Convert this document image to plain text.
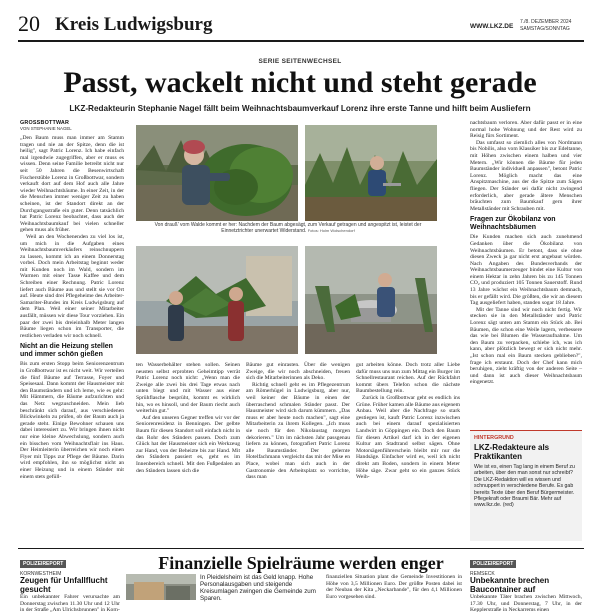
20 Kreis Ludwigsburg	WWW.LKZ.DE
7./8. DEZEMBER 2024
SAMSTAG/SONNTAG
SERIE SEITENWECHSEL
Passt, wackelt nicht und steht gerade
LKZ-Redakteurin Stephanie Nagel fällt beim Weihnachtsbaumverkauf Lorenz ihre erste Tanne und hilft beim Ausliefern
GROSSBOTTWAR
VON STEPHANIE NAGEL

„Den Baum muss man immer am Stamm tragen und nie an der Spitze, denn die ist heilig", sagt Patric Lorenz. Ich habe einfach mal irgendwie zugegriffen, aber er muss es wissen. Denn seine Familie betreibt nicht nur seit 50 Jahren die Besenwirtschaft Fischerstüble Lorenz in Großbottwar, sondern verkauft dort auf dem Hof auch alle Jahre wieder Weihnachtsbäume. In einer Zeit, in der die Menschen immer weniger Zeit zu haben scheinen, ist der Standort direkt an der Durchgangsstraße ein guter. Denn tatsächlich hat Patric Lorenz beobachtet, dass auch der Weihnachtsbaumkauf bei vielen schneller gehen muss als früher.

Weil an den Wochenenden zu viel los ist, um mich in die Aufgaben eines Weihnachtsbaumverkäufers reinschnuppern zu lassen, kommt ich an einem Donnerstag vorbei. Doch mein Arbeitstag beginnt weder mit Kunden noch im Wald, sondern im Warmen mit einer Tasse Kaffee und dem Schreiben einer Rechnung. Patric Lorenz liefert auch Bäume aus und stellt sie vor Ort auf. Heute sind drei Pflegeheime des Arbeiter-Samariter-Bundes im Kreis Ludwigsburg auf dem Plan. Weil einer seiner Mitarbeiter ausfällt, müssen wir diese Tour vorziehen. Ein paar der zwei bis dreieinhalb Meter langen Bäume liegen schon im Transporter, die restlichen verladen wir noch schnell.

Nicht an die Heizung stellen und immer schön gießen

Bis zum ersten Stopp beim Seniorenzentrum in Großbottwar ist es nicht weit. Wir verteilen die fünf Bäume auf Terrasse, Foyer und Speisesaal. Dann kommt der Hausmeister mit den Baumständern und ich lerne, wie es geht: Mit Hämmern, die Bäume aufzurichten und das Netz wegzuschneiden. Mein lieb beschränkt sich darauf, aus verschiedenen Blickwinkeln zu prüfen, ob der Baum auch ja gerade steht. Einige Bewohner schauen uns dabei interessiert zu. Wir bringen ihnen nicht nur eine kleine Abwechslung, sondern auch ein bisschen vom Weihnachtsflair ins Haus. Der Heimleiterin überreichen wir noch einen Flyer mit Tipps zur Pflege der Bäume. Darin wird empfohlen, ihn so möglichst nicht an einer Heizung und in einem Ständer mit einem stets gefüll-

Von drauß' vom Walde kommt er her: Nachdem der Baum abgesägt, zum Verkauf getragen und angespitzt ist, leistet der Einnetztrichter unerwartet Widerstand. Fotos: Holm Wolschendorf

ten Wasserbehälter stehen sollen. Seinen neusten selbst erprobten Geheimtipp verrät Patric Lorenz noch nicht: „Wenn man die Zweige alle zwei bis drei Tage etwas nach unten biegt und mit Wasser aus einer Sprühflasche besprüht, kommt es wirklich hin, wo es hinsoll, und der Baum riecht auch weiterhin gut."

Auf den unseren Gegner treffen wir vor der Seniorenresidenz in Benningen. Der gelbte Baum für diesen Standort soll einfach nicht in das Rohr des Ständers passen. Doch zum Glück hat der Hausmeister sich ein Werkzeug zur Hand, von der Beheizte bis zur Hand. Mit den Ständern passiert es, geht es im Innenbereich schnell. Mit den Fußpedalen an den Ständern lassen sich die

Bäume gut einrasten. Über die wenigen Zweige, die wir noch abschneiden, freuen sich die Mitarbeiterinnen als Deko.

Richtig schnell geht es im Pflegezentrum am Römerhügel in Ludwigsburg, aber nur, weil keiner der Bäume in einen der überraschend schmalen Ständer passt. Der Hausmeister wird sich darum kümmern. „Das muss er aber heute noch machen", sagt eine Mitarbeiterin zu ihrem Kollegen. „Ich muss sie noch für den Nikolaustag morgen dekorieren." Um im nächsten Jahr passgenau liefern zu können, fotografiert Patric Lorenz alle Baumständer. Der gelernte Hotelfachmann vergleicht das mit der Mise en Place, wobei man sich auch in der Gastronomie den Arbeitsplatz so vorrichte, dass man

gut arbeiten könne. Doch trotz aller Liebe dafür muss uns nun zum Mittag ein Burger im Schnellrestaurant reichen. Auf der Rückfahrt kommt übers Telefon schon die nächste Baumbestellung rein.

Zurück in Großbottwar geht es endlich ins Grüne. Früher kamen alle Bäume aus eigenem Anbau. Weil aber die Nachfrage so stark gestiegen ist, kauft Patric Lorenz inzwischen auch bei einem darauf spezialisierten Landwirt in Göppingen ein. Doch den Baum für diesen Artikel darf ich in der eigenen Kultur am Stadtrand selbst sägen. Ohne Motorsägenführerschein bleibt mir nur die Handsäge. Einfacher wird es, weil ich nicht direkt am Boden, sondern in einem Meter Höhe säge. Zwar geht so ein ganzes Stück Weih-

nachtsbaum verloren. Aber dafür passt er in eine normal hohe Wohnung und der Rest wird zu Reisig fürs Sortiment.

Das umfasst so ziemlich alles von Nordmann bis Nobilis, also vom Klassiker bis zur Edeltanne, mit Höhen zwischen einem halben und vier Metern. „Wir können die Bäume für jeden Baumständer individuell anpassen", betont Patric Lorenz. Möglich macht das eine Anspitzmaschine, aus der die Spitze zum Sägen fliegen. Der Ständer sei dafür nicht zwingend erforderlich, aber gerade ältere Menschen bräuchten zum Baumkauf gern ihrer Metallständer mit Schrauben mit.

Fragen zur Ökobilanz von Weihnachtsbäumen

Die Kunden machen sich auch zunehmend Gedanken über die Ökobilanz von Weihnachtsbäumen. Er betont, dass sie ohne diesen Zweck ja gar nicht erst angebaut würden. Nach Angaben des Bundesverbands der Weihnachtsbaumerzeuger bindet eine Kultur von einem Hektar in zehn Jahren bis zu 145 Tonnen CO₂ und produziert 105 Tonnen Sauerstoff. Rund 13 Jahre wächst ein Weihnachtsbaum demnach, bis er gefällt wird. Die größten, die wir an diesem Tag ausgeliefert haben, standen sogar 18 Jahre.

Mit der Tanne sind wir noch nicht fertig. Wir stecken sie in den Metallständer und Patric Lorenz sägt unten am Stamm ein Stück ab. Bei Bäumen, die schon eine Weile lagern, verbessere das wie bei Blumen die Wasseraufnahme. Um den Baum zu verpacken, schiebe ich, was ich kann, aber plötzlich bewegt er sich nicht mehr. „Ist schon mal ein Baum stecken geblieben?", frage ich erstaunt. Doch der Chef kann mich beruhigen, zieht kräftig von der anderen Seite – und dann ist auch dieser Weihnachtsbaum eingenetzt.

HINTERGRUND
LKZ-Redakteure als Praktikanten
Wie ist es, einen Tag lang in einem Beruf zu arbeiten, über den man sonst nur schreibt? Die LKZ-Redaktion will es wissen und schnuppert in verschiedene Berufe. Es gab bereits Texte über den Beruf Bürgermeister. Pflegekraft oder Braumi Bär. Mehr auf www.lkz.de. (red)
POLIZEIREPORT
KORNWESTHEIM
Zeugen für Unfallflucht gesucht
Ein unbekannter Fahrer verursachte am Donnerstag zwischen 11.30 Uhr und 12 Uhr in der Straße „Am Ulrichsbrunnen" in Korn-
Finanzielle Spielräume werden enger
In Pleidelsheim ist das Geld knapp. Hohe Personalausgaben und steigende Kreisumlagen zwingen die Gemeinde zum Sparen.
finanziellen Situation plant die Gemeinde Investitionen in Höhe von 3,5 Millionen Euro. Der größte Posten dabei ist der Neubau der Kita „Neckarbande", für den 4,1 Millionen Euro vorgesehen sind.
POLIZEIREPORT
REMSECK
Unbekannte brechen Baucontainer auf
Unbekannte Täter brachen zwischen Mittwoch, 17.30 Uhr, und Donnerstag, 7 Uhr, in der Kepplerstraße in Neckarrems einen
